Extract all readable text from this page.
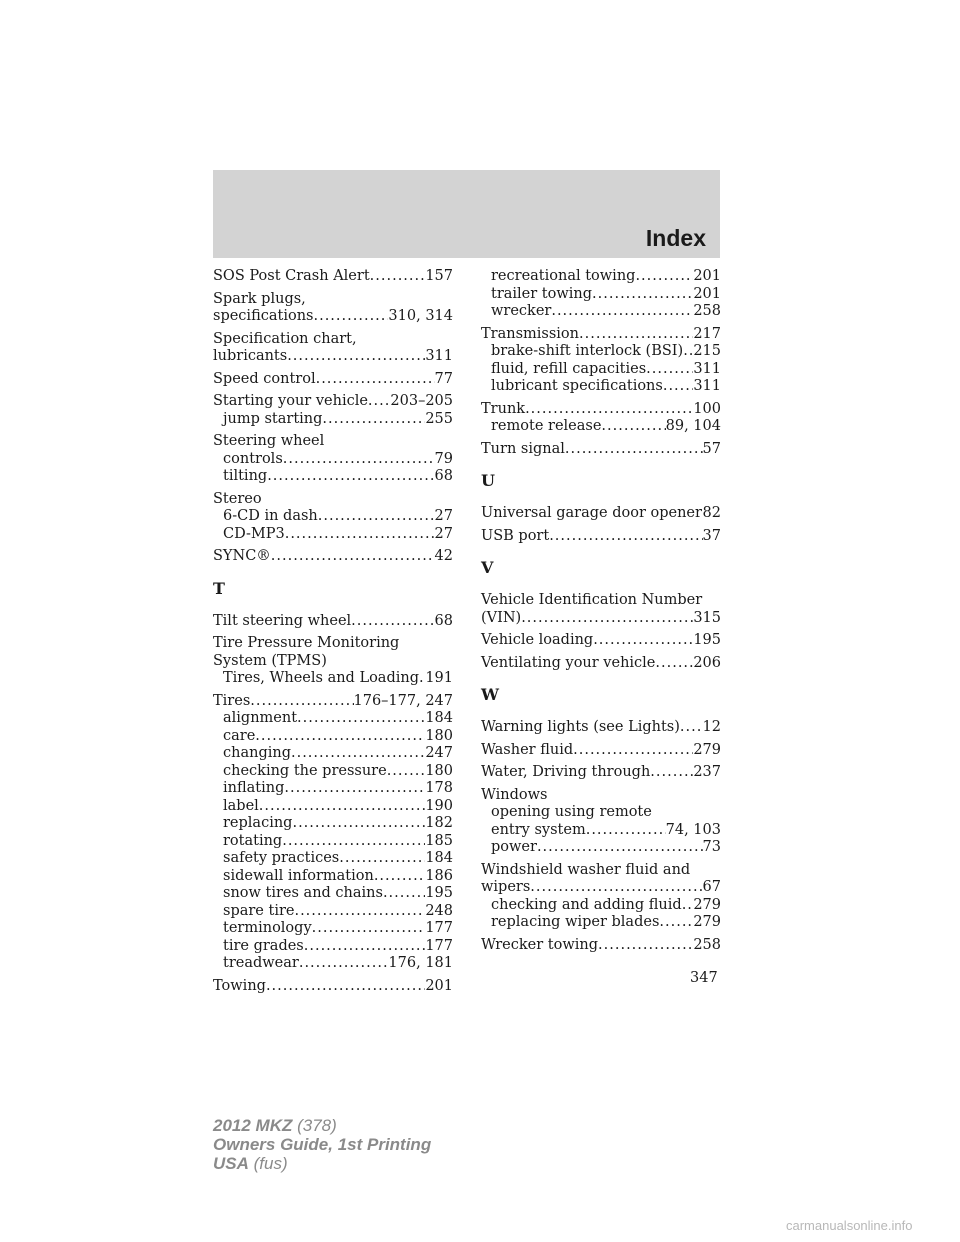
Index
SOS Post Crash Alert .....	157
Spark plugs,
specifications .....	310, 314
Specification chart,
lubricants .....	311
Speed control .....	77
Starting your vehicle ..... 203–205
jump starting .....	255
Steering wheel
controls .....	79
tilting .....	68
Stereo
6-CD in dash .....	27
CD-MP3 .....	27
SYNC® .....	42
T
Tilt steering wheel .....	68
Tire Pressure Monitoring
System (TPMS)
Tires, Wheels and Loading ..... 191
Tires .....	176–177, 247
alignment .....	184
care .....	180
changing .....	247
checking the pressure .....	180
inflating .....	178
label .....	190
replacing .....	182
rotating .....	185
safety practices .....	184
sidewall information .....	186
snow tires and chains .....	195
spare tire .....	248
terminology .....	177
tire grades .....	177
treadwear .....	176, 181
Towing .....	201
recreational towing .....	201
trailer towing .....	201
wrecker .....	258
Transmission .....	217
brake-shift interlock (BSI) ..... 215
fluid, refill capacities .....	311
lubricant specifications ..... 311
Trunk .....	100
remote release .....	89, 104
Turn signal .....	57
U
Universal garage door opener ..... 82
USB port .....	37
V
Vehicle Identification Number
(VIN) .....	315
Vehicle loading .....	195
Ventilating your vehicle .....	206
W
Warning lights (see Lights) ..... 12
Washer fluid .....	279
Water, Driving through .....	237
Windows
opening using remote
entry system .....	74, 103
power .....	73
Windshield washer fluid and
wipers .....	67
checking and adding fluid ..... 279
replacing wiper blades ..... 279
Wrecker towing .....	258
347
2012 MKZ (378)
Owners Guide, 1st Printing
USA (fus)
carmanualsonline.info
